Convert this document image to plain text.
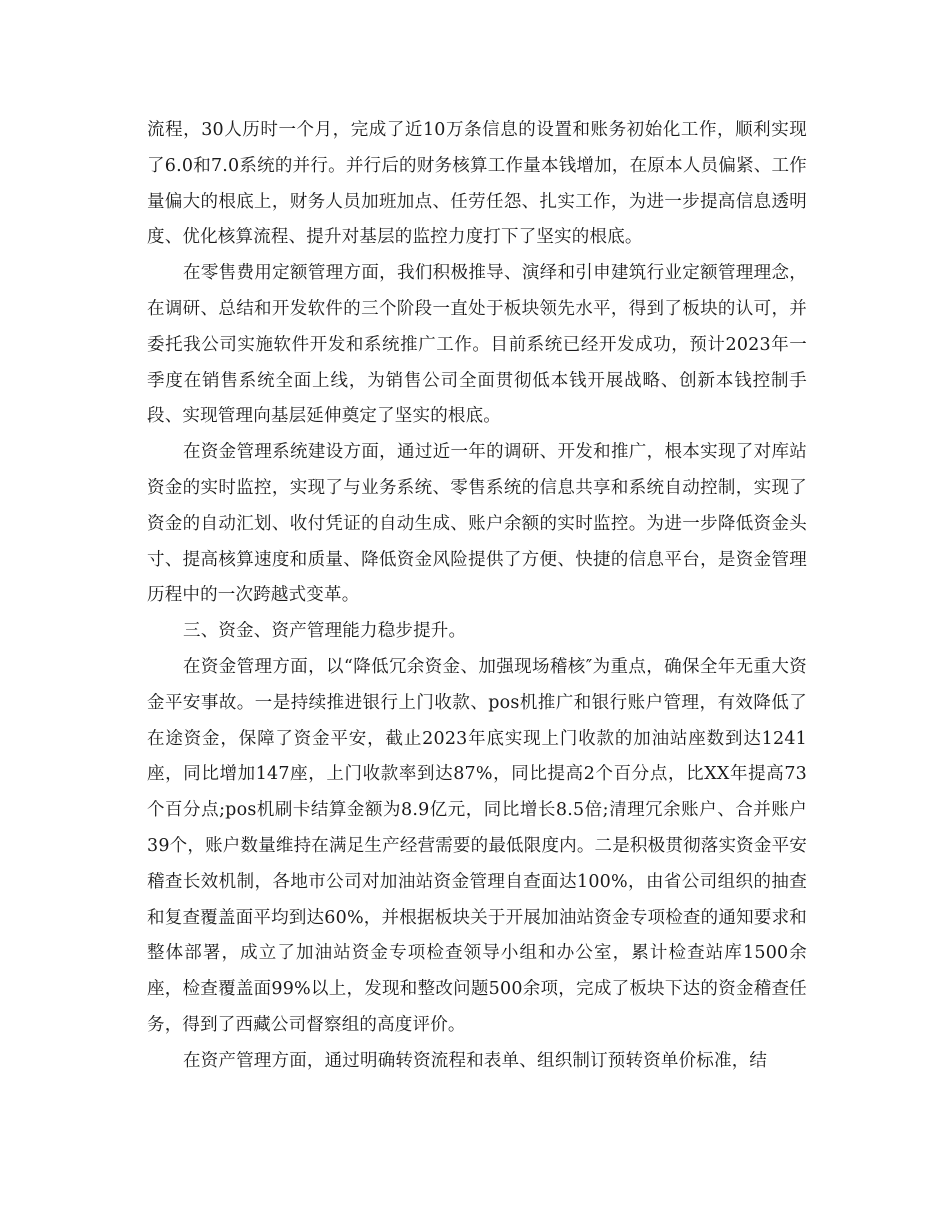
流程，30人历时一个月，完成了近10万条信息的设置和账务初始化工作，顺利实现了6.0和7.0系统的并行。并行后的财务核算工作量本钱增加，在原本人员偏紧、工作量偏大的根底上，财务人员加班加点、任劳任怨、扎实工作，为进一步提高信息透明度、优化核算流程、提升对基层的监控力度打下了坚实的根底。

在零售费用定额管理方面，我们积极推导、演绎和引申建筑行业定额管理理念，在调研、总结和开发软件的三个阶段一直处于板块领先水平，得到了板块的认可，并委托我公司实施软件开发和系统推广工作。目前系统已经开发成功，预计2023年一季度在销售系统全面上线，为销售公司全面贯彻低本钱开展战略、创新本钱控制手段、实现管理向基层延伸奠定了坚实的根底。

在资金管理系统建设方面，通过近一年的调研、开发和推广，根本实现了对库站资金的实时监控，实现了与业务系统、零售系统的信息共享和系统自动控制，实现了资金的自动汇划、收付凭证的自动生成、账户余额的实时监控。为进一步降低资金头寸、提高核算速度和质量、降低资金风险提供了方便、快捷的信息平台，是资金管理历程中的一次跨越式变革。

三、资金、资产管理能力稳步提升。

在资金管理方面，以“降低冗余资金、加强现场稽核″为重点，确保全年无重大资金平安事故。一是持续推进银行上门收款、pos机推广和银行账户管理，有效降低了在途资金，保障了资金平安，截止2023年底实现上门收款的加油站座数到达1241座，同比增加147座，上门收款率到达87%，同比提高2个百分点，比XX年提高73个百分点;pos机刷卡结算金额为8.9亿元，同比增长8.5倍;清理冗余账户、合并账户39个，账户数量维持在满足生产经营需要的最低限度内。二是积极贯彻落实资金平安稽查长效机制，各地市公司对加油站资金管理自查面达100%，由省公司组织的抽查和复查覆盖面平均到达60%，并根据板块关于开展加油站资金专项检查的通知要求和整体部署，成立了加油站资金专项检查领导小组和办公室，累计检查站库1500余座，检查覆盖面99%以上，发现和整改问题500余项，完成了板块下达的资金稽查任务，得到了西藏公司督察组的高度评价。

在资产管理方面，通过明确转资流程和表单、组织制订预转资单价标准，结
